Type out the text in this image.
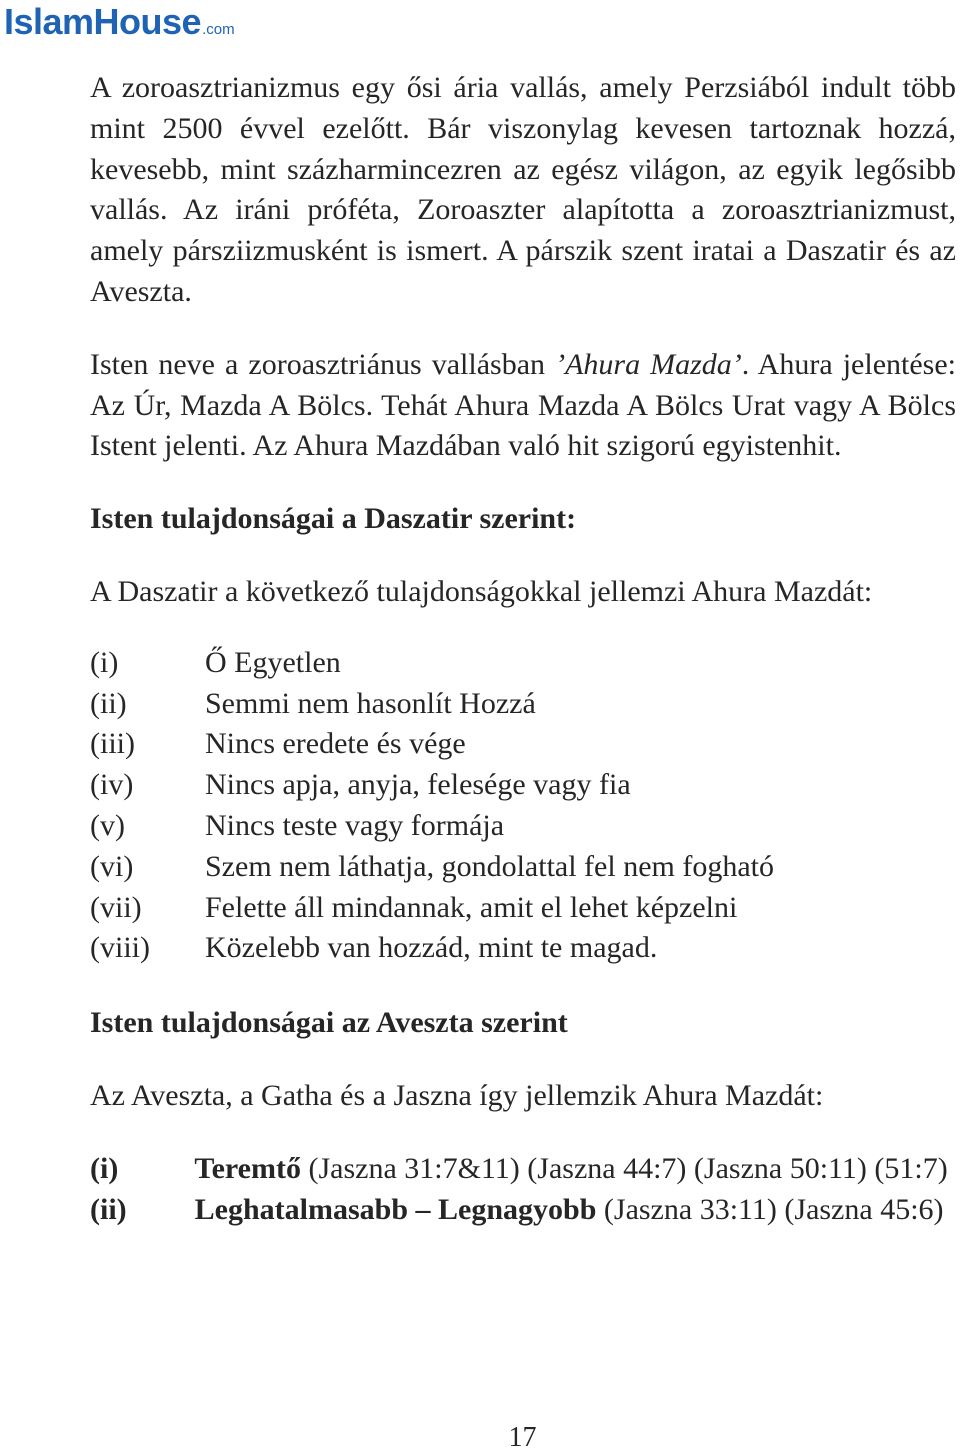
IslamHouse .com

A zoroasztrianizmus egy ősi ária vallás, amely Perzsiából indult több mint 2500 évvel ezelőtt. Bár viszonylag kevesen tartoznak hozzá, kevesebb, mint százharmincezren az egész világon, az egyik legősibb vallás. Az iráni próféta, Zoroaszter alapította a zoroasztrianizmust, amely pársziizmusként is ismert. A párszik szent iratai a Daszatir és az Aveszta.

Isten neve a zoroasztriánus vallásban ’Ahura Mazda’. Ahura jelentése: Az Úr, Mazda A Bölcs. Tehát Ahura Mazda A Bölcs Urat vagy A Bölcs Istent jelenti. Az Ahura Mazdában való hit szigorú egyistenhit.

Isten tulajdonságai a Daszatir szerint:

A Daszatir a következő tulajdonságokkal jellemzi Ahura Mazdát:

(i)	Ő Egyetlen
(ii)	Semmi nem hasonlít Hozzá
(iii)	Nincs eredete és vége
(iv)	Nincs apja, anyja, felesége vagy fia
(v)	Nincs teste vagy formája
(vi)	Szem nem láthatja, gondolattal fel nem fogható
(vii)	Felette áll mindannak, amit el lehet képzelni
(viii)	Közelebb van hozzád, mint te magad.

Isten tulajdonságai az Aveszta szerint

Az Aveszta, a Gatha és a Jaszna így jellemzik Ahura Mazdát:

(i)	Teremtő (Jaszna 31:7&11) (Jaszna 44:7) (Jaszna 50:11) (51:7)

(ii) Leghatalmasabb – Legnagyobb (Jaszna 33:11) (Jaszna 45:6)

17
